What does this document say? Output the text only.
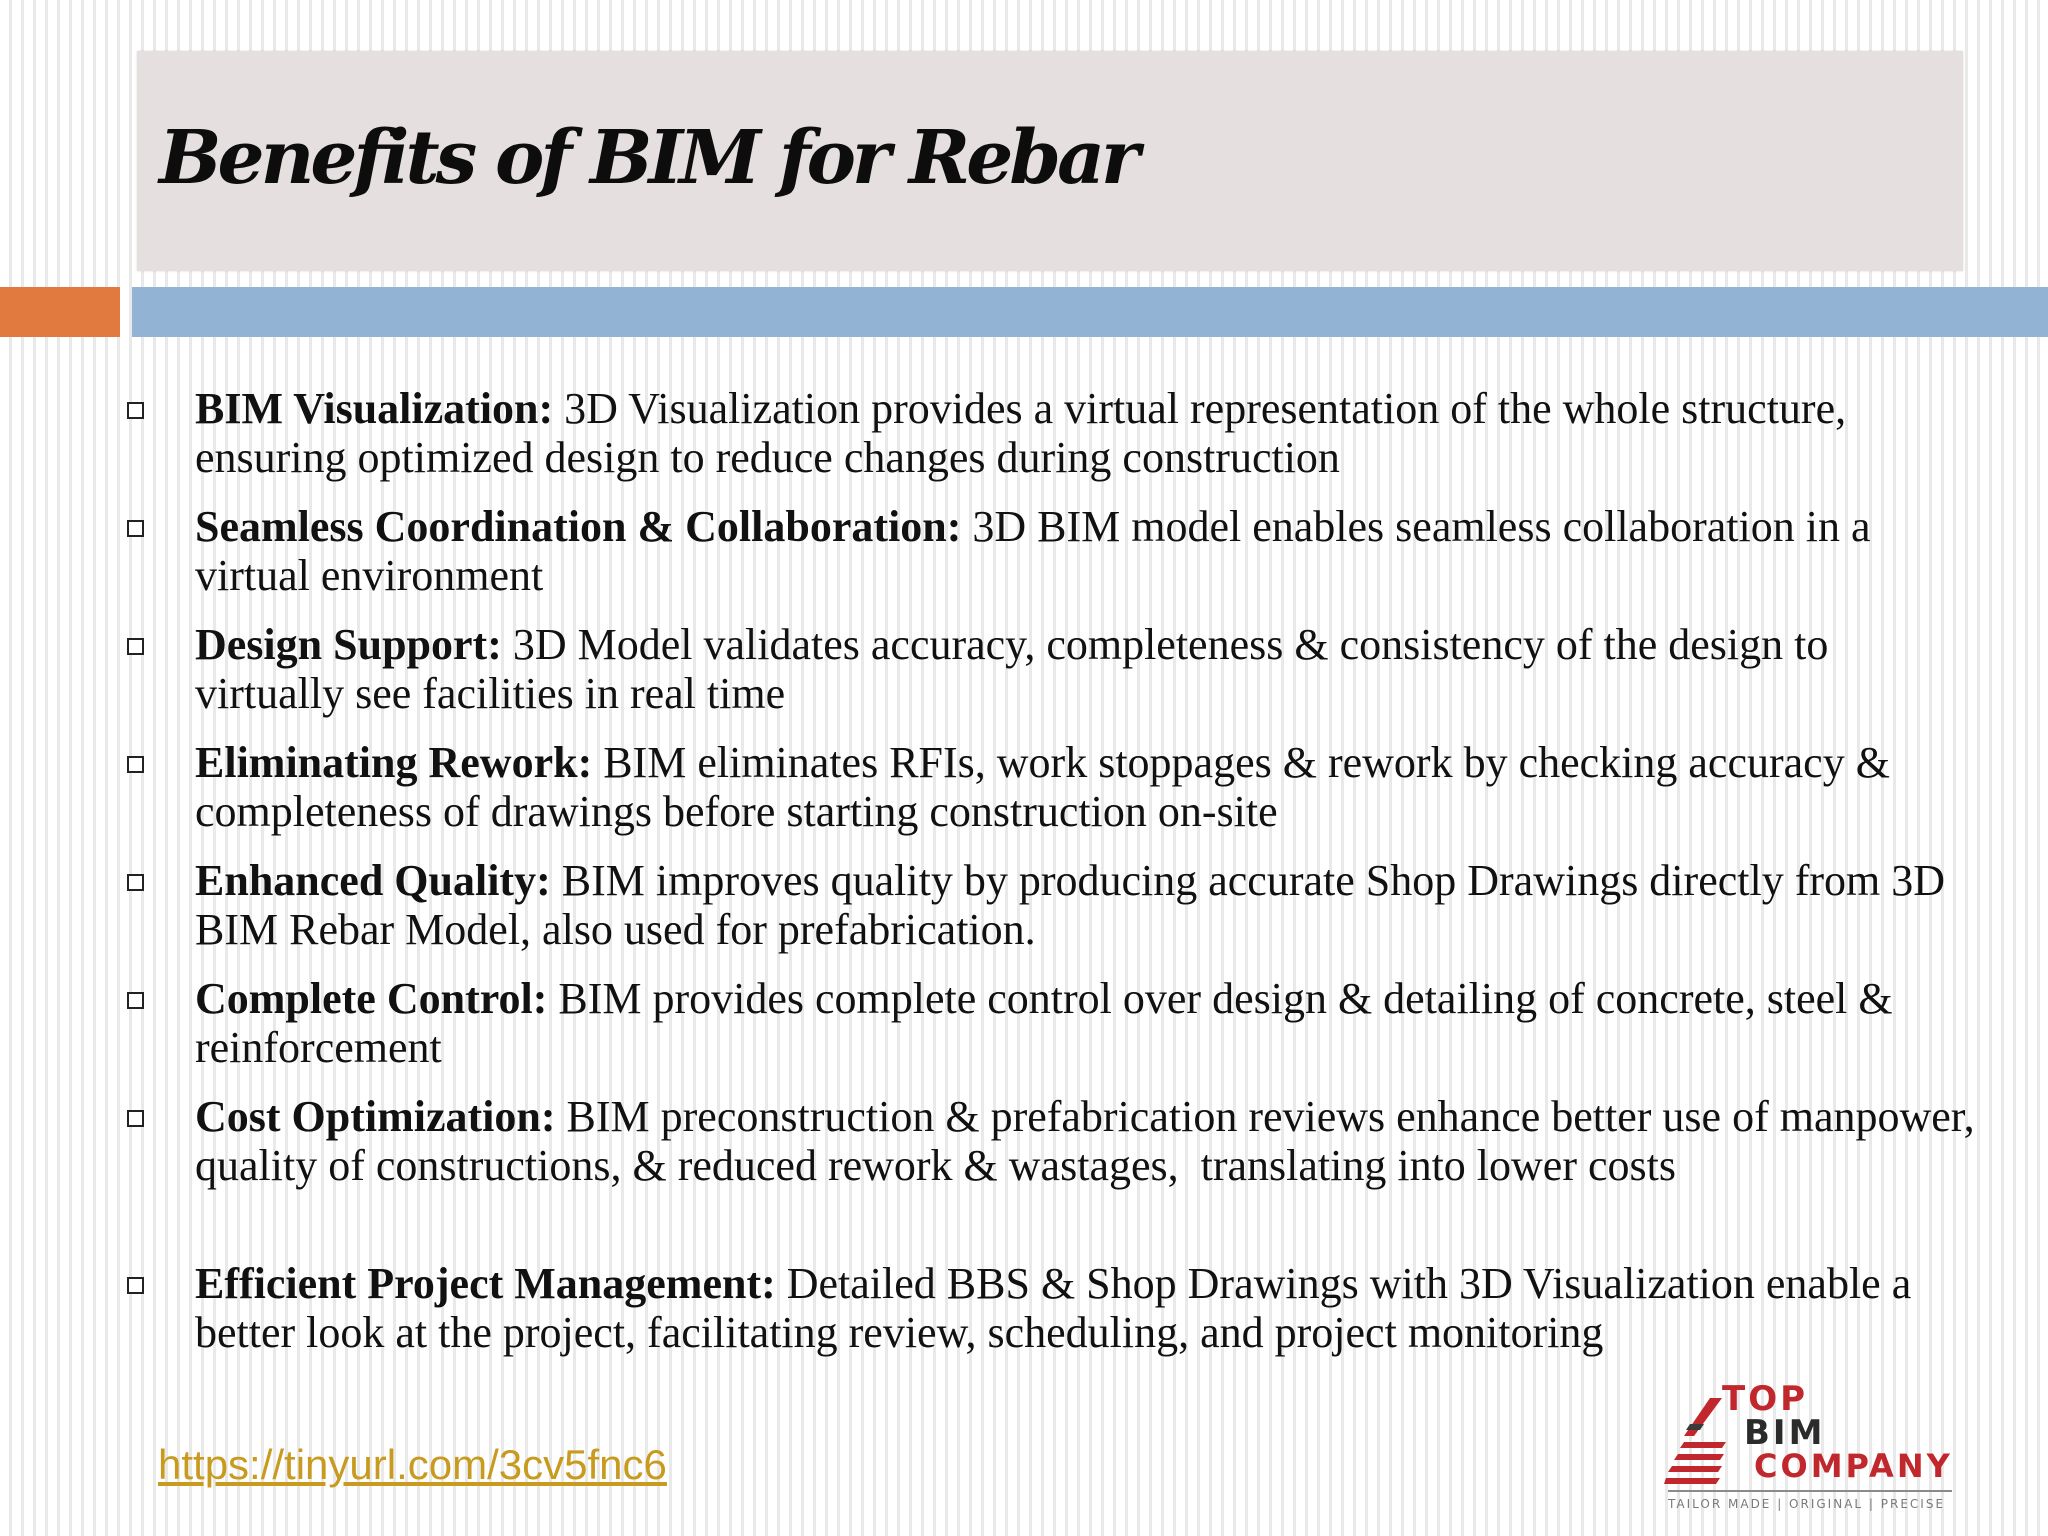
Benefits of BIM for Rebar
BIM Visualization: 3D Visualization provides a virtual representation of the whole structure, ensuring optimized design to reduce changes during construction
Seamless Coordination & Collaboration: 3D BIM model enables seamless collaboration in a virtual environment
Design Support: 3D Model validates accuracy, completeness & consistency of the design to virtually see facilities in real time
Eliminating Rework: BIM eliminates RFIs, work stoppages & rework by checking accuracy & completeness of drawings before starting construction on-site
Enhanced Quality: BIM improves quality by producing accurate Shop Drawings directly from 3D BIM Rebar Model, also used for prefabrication.
Complete Control: BIM provides complete control over design & detailing of concrete, steel & reinforcement
Cost Optimization: BIM preconstruction & prefabrication reviews enhance better use of manpower, quality of constructions, & reduced rework & wastages,  translating into lower costs
Efficient Project Management: Detailed BBS & Shop Drawings with 3D Visualization enable a better look at the project, facilitating review, scheduling, and project monitoring
https://tinyurl.com/3cv5fnc6
TOP
BIM
COMPANY
TAILOR MADE | ORIGINAL | PRECISE
